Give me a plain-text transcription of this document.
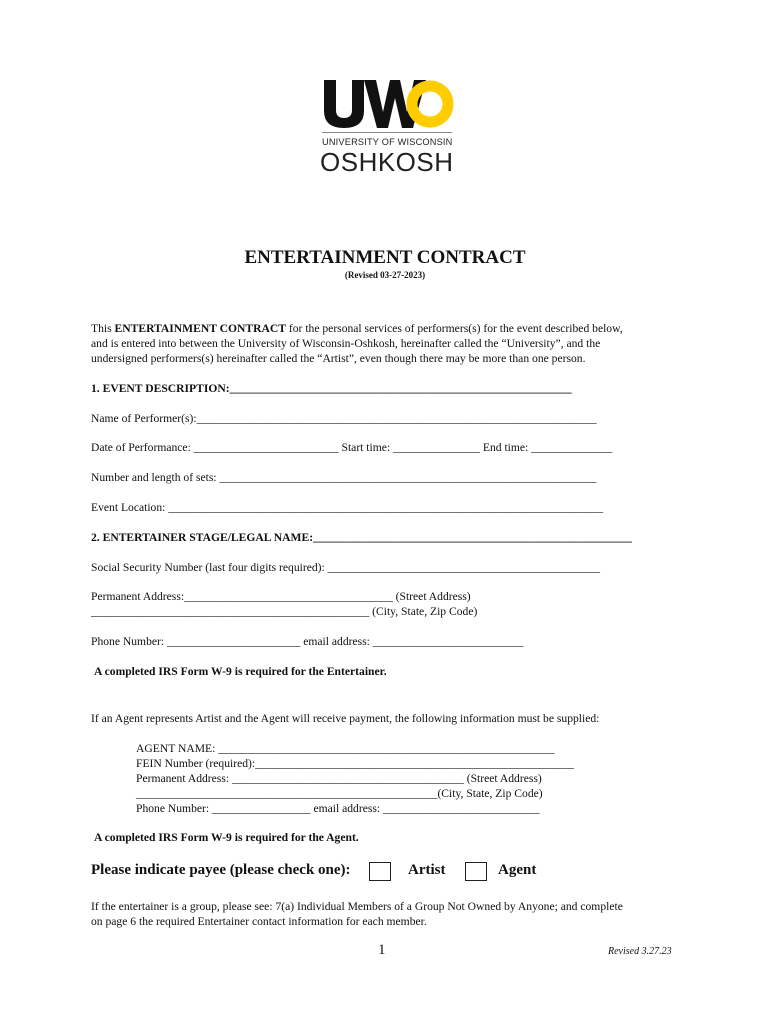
UNIVERSITY OF WISCONSIN
OSHKOSH
ENTERTAINMENT CONTRACT
(Revised 03-27-2023)
This ENTERTAINMENT CONTRACT for the personal services of performers(s) for the event described below,
and is entered into between the University of Wisconsin-Oshkosh, hereinafter called the “University”, and the
undersigned performers(s) hereinafter called the “Artist”, even though there may be more than one person.
1. EVENT DESCRIPTION:___________________________________________________________
Name of Performer(s):_____________________________________________________________________
Date of Performance: _________________________ Start time: _______________ End time: ______________
Number and length of sets: _________________________________________________________________
Event Location: ___________________________________________________________________________
2. ENTERTAINER STAGE/LEGAL NAME:_______________________________________________________
Social Security Number (last four digits required): _______________________________________________
Permanent Address:____________________________________ (Street Address)
________________________________________________ (City, State, Zip Code)
Phone Number: _______________________ email address: __________________________
A completed IRS Form W-9 is required for the Entertainer.
If an Agent represents Artist and the Agent will receive payment, the following information must be supplied:
AGENT NAME: __________________________________________________________
FEIN Number (required):_______________________________________________________
Permanent Address: ________________________________________ (Street Address)
____________________________________________________(City, State, Zip Code)
Phone Number: _________________ email address: ___________________________
A completed IRS Form W-9 is required for the Agent.
Please indicate payee (please check one):	Artist	Agent
If the entertainer is a group, please see: 7(a) Individual Members of a Group Not Owned by Anyone; and complete
on page 6 the required Entertainer contact information for each member.
1	Revised 3.27.23
